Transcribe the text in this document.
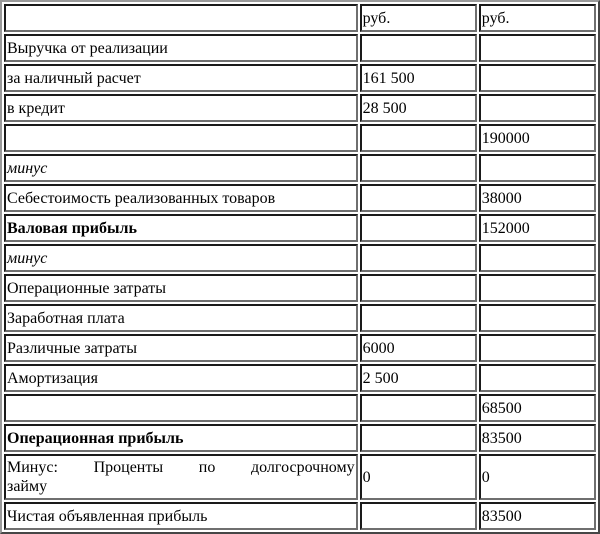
	руб.	руб.
Выручка от реализации		
за наличный расчет	161 500	
в кредит	28 500	
		190000
минус		
Себестоимость реализованных товаров		38000
Валовая прибыль		152000
минус		
Операционные затраты		
Заработная плата		
Различные затраты	6000	
Амортизация	2 500	
		68500
Операционная прибыль		83500
Минус: Проценты по долгосрочному
займу	0	0
Чистая объявленная прибыль		83500
